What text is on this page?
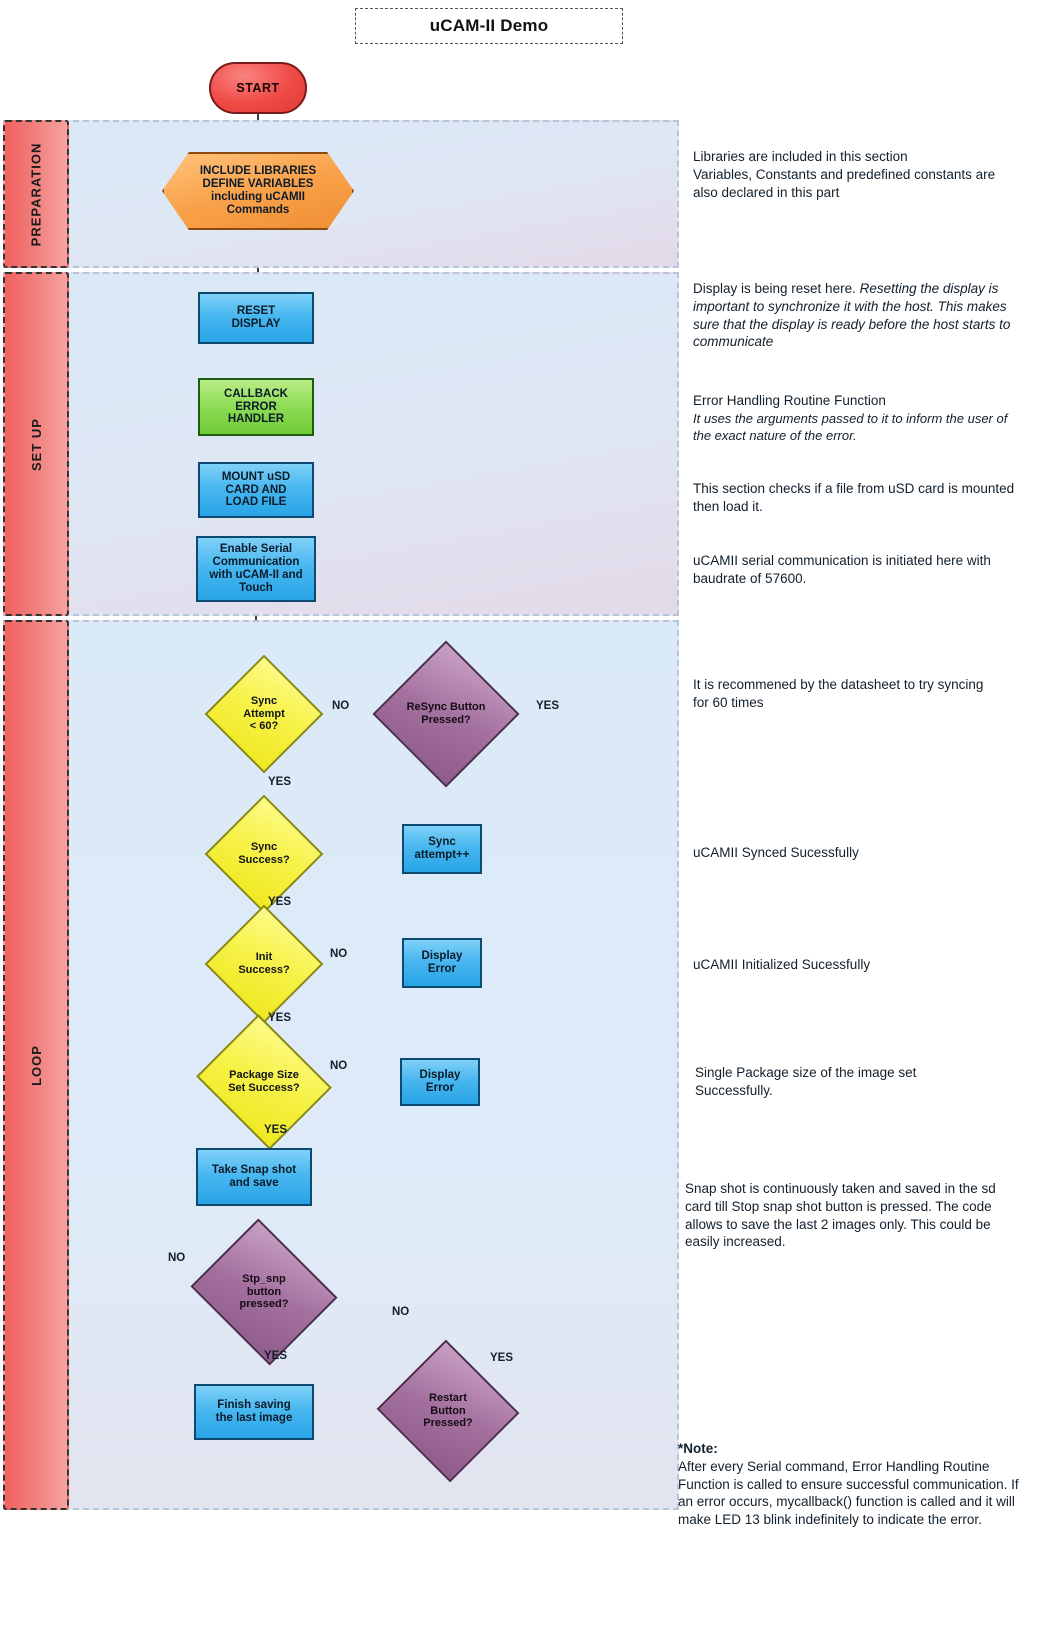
uCAM-II Demo
PREPARATION
SET UP
LOOP
START
INCLUDE LIBRARIES
DEFINE VARIABLES
including uCAMII
Commands
RESET
DISPLAY
CALLBACK
ERROR
HANDLER
MOUNT uSD
CARD AND
LOAD FILE
Enable Serial
Communication
with uCAM-II and
Touch
Sync
Attempt
< 60?
ReSync Button
Pressed?
Sync
Success?
Sync
attempt++
Init
Success?
Display
Error
Package Size
Set Success?
Display
Error
Take Snap shot
and save
Stp_snp
button
pressed?
Finish saving
the last image
Restart
Button
Pressed?
NO
YES
YES
YES
NO
YES
NO
YES
NO
NO
YES	YES
Libraries are included in this section
Variables, Constants and predefined constants are also declared in this part
Display is being reset here. Resetting the display is important to synchronize it with the host. This makes sure that the display is ready before the host starts to communicate
Error Handling Routine Function
It uses the arguments passed to it to inform the user of the exact nature of the error.
This section checks if a file from uSD card is mounted then load it.
uCAMII serial communication is initiated here with baudrate of 57600.
It is recommened by the datasheet to try syncing for 60 times
uCAMII Synced Sucessfully
uCAMII Initialized Sucessfully
Single Package size of the image set Successfully.
Snap shot is continuously taken and saved in the sd card till Stop snap shot button is pressed. The code allows to save the last 2 images only. This could be easily increased.
*Note:
After every Serial command, Error Handling Routine Function is called to ensure successful communication. If an error occurs, mycallback() function is called and it will make LED 13 blink indefinitely to indicate the error.
